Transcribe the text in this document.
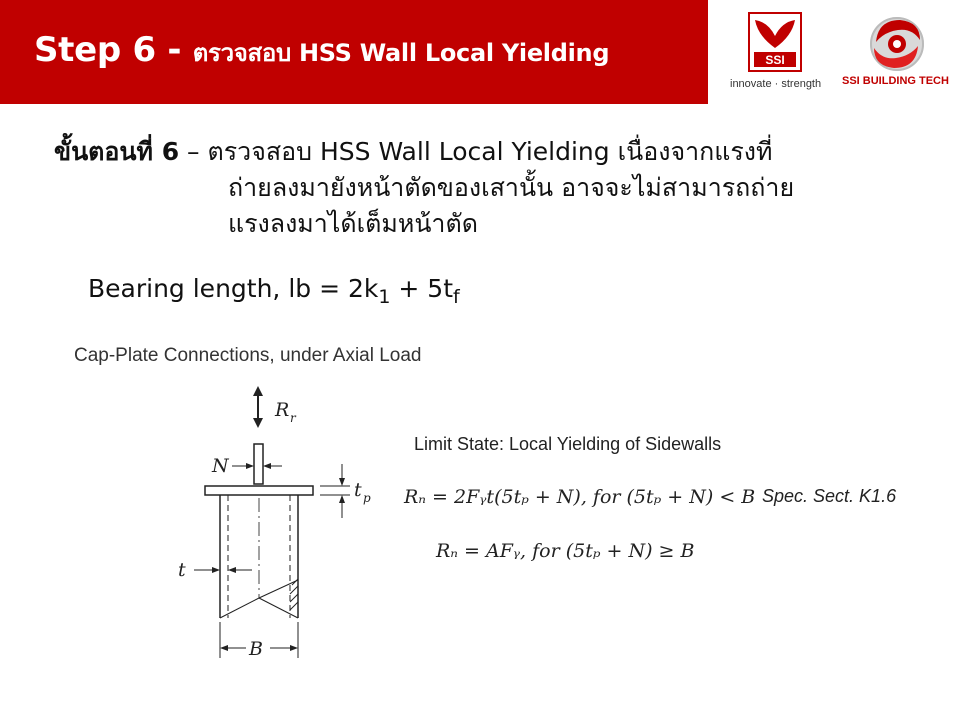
Step 6 - ตรวจสอบ HSS Wall Local Yielding	SSI
innovate · strength SSI BUILDING TECH
ขั้นตอนที่ 6 – ตรวจสอบ HSS Wall Local Yielding เนื่องจากแรงที่
ถ่ายลงมายังหน้าตัดของเสานั้น อาจจะไม่สามารถถ่าย
แรงลงมาได้เต็มหน้าตัด
Bearing length, lb = $2k_1 + 5t_f$
Cap-Plate Connections, under Axial Load
R r
N
t p
t
B
Limit State: Local Yielding of Sidewalls
Rₙ = 2Fᵧt(5tₚ + N), for (5tₚ + N) < B Spec. Sect. K1.6
Rₙ = AFᵧ, for (5tₚ + N) ≥ B
